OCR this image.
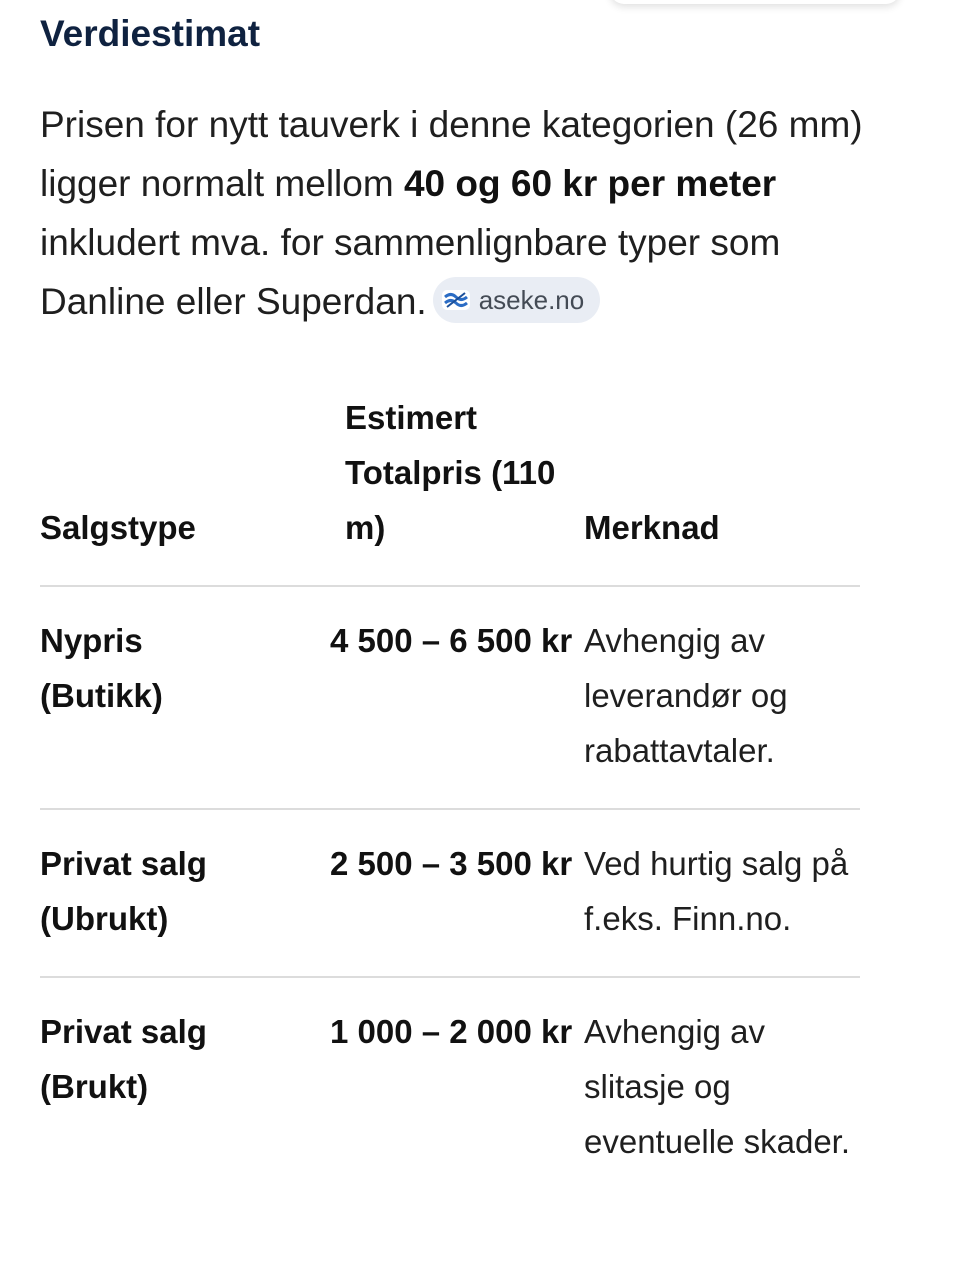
Verdiestimat

Prisen for nytt tauverk i denne kategorien (26 mm) ligger normalt mellom 40 og 60 kr per meter inkludert mva. for sammenlignbare typer som Danline eller Superdan. aseke.no

Salgstype	Estimert Totalpris (110 m)	Merknad
Nypris
(Butikk)	4 500 – 6 500 kr	Avhengig av leverandør og rabattavtaler.
Privat salg
(Ubrukt)	2 500 – 3 500 kr	Ved hurtig salg på f.eks. Finn.no.
Privat salg
(Brukt)	1 000 – 2 000 kr	Avhengig av slitasje og eventuelle skader.
